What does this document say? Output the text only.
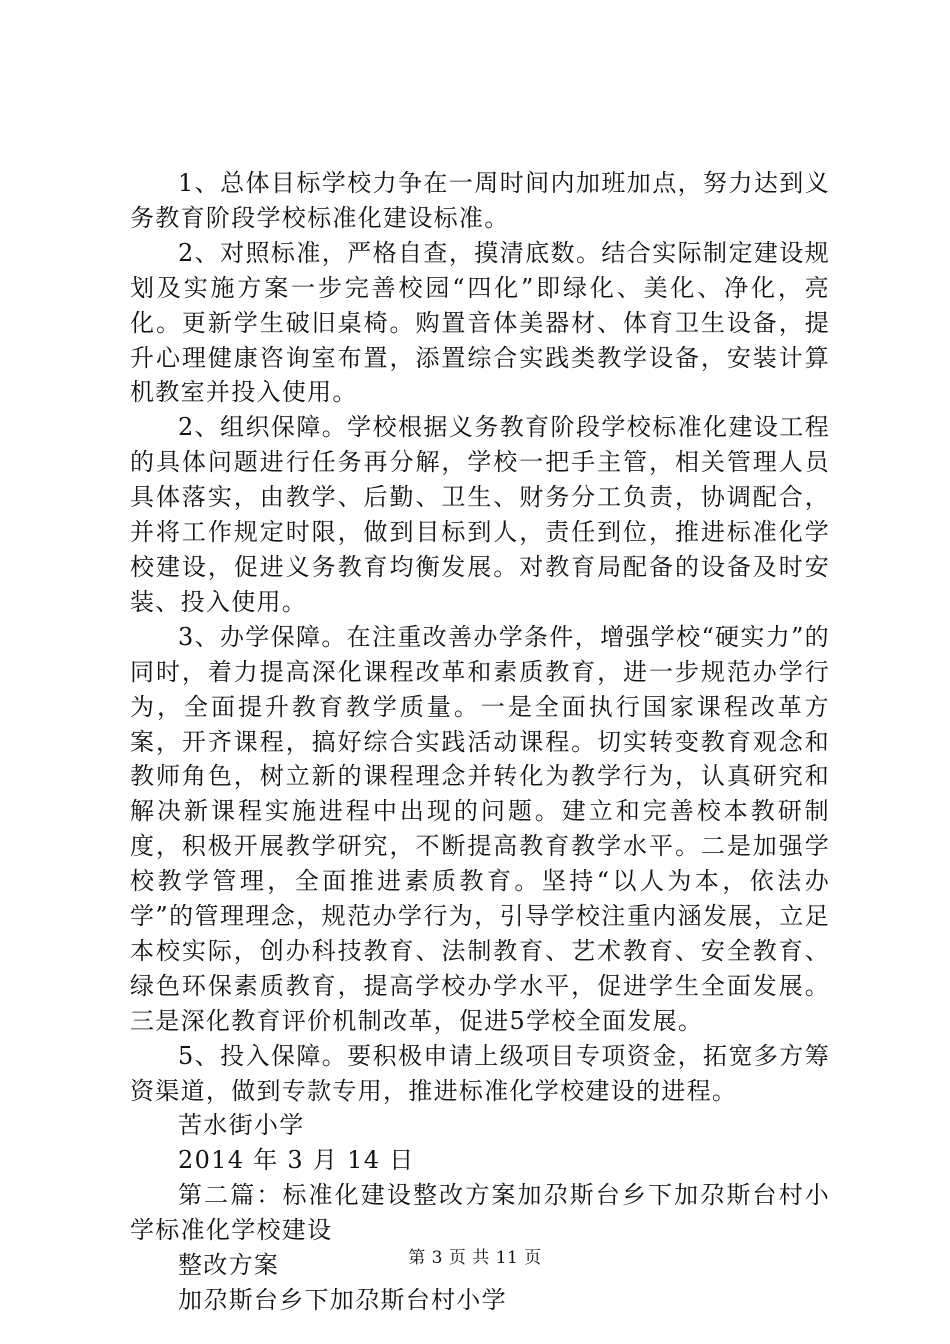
1、总体目标学校力争在一周时间内加班加点，努力达到义务教育阶段学校标准化建设标准。

2、对照标准，严格自查，摸清底数。结合实际制定建设规划及实施方案一步完善校园“四化”即绿化、美化、净化，亮化。更新学生破旧桌椅。购置音体美器材、体育卫生设备，提升心理健康咨询室布置，添置综合实践类教学设备，安装计算机教室并投入使用。

2、组织保障。学校根据义务教育阶段学校标准化建设工程的具体问题进行任务再分解，学校一把手主管，相关管理人员具体落实，由教学、后勤、卫生、财务分工负责，协调配合，并将工作规定时限，做到目标到人，责任到位，推进标准化学校建设，促进义务教育均衡发展。对教育局配备的设备及时安装、投入使用。

3、办学保障。在注重改善办学条件，增强学校“硬实力”的同时，着力提高深化课程改革和素质教育，进一步规范办学行为，全面提升教育教学质量。一是全面执行国家课程改革方案，开齐课程，搞好综合实践活动课程。切实转变教育观念和教师角色，树立新的课程理念并转化为教学行为，认真研究和解决新课程实施进程中出现的问题。建立和完善校本教研制度，积极开展教学研究，不断提高教育教学水平。二是加强学校教学管理，全面推进素质教育。坚持“以人为本，依法办学”的管理理念，规范办学行为，引导学校注重内涵发展，立足本校实际，创办科技教育、法制教育、艺术教育、安全教育、绿色环保素质教育，提高学校办学水平，促进学生全面发展。三是深化教育评价机制改革，促进5学校全面发展。

5、投入保障。要积极申请上级项目专项资金，拓宽多方筹资渠道，做到专款专用，推进标准化学校建设的进程。

苦水街小学

2014 年 3 月 14 日

第二篇：标准化建设整改方案加尕斯台乡下加尕斯台村小学标准化学校建设

整改方案

加尕斯台乡下加尕斯台村小学

第 3 页 共 11 页
